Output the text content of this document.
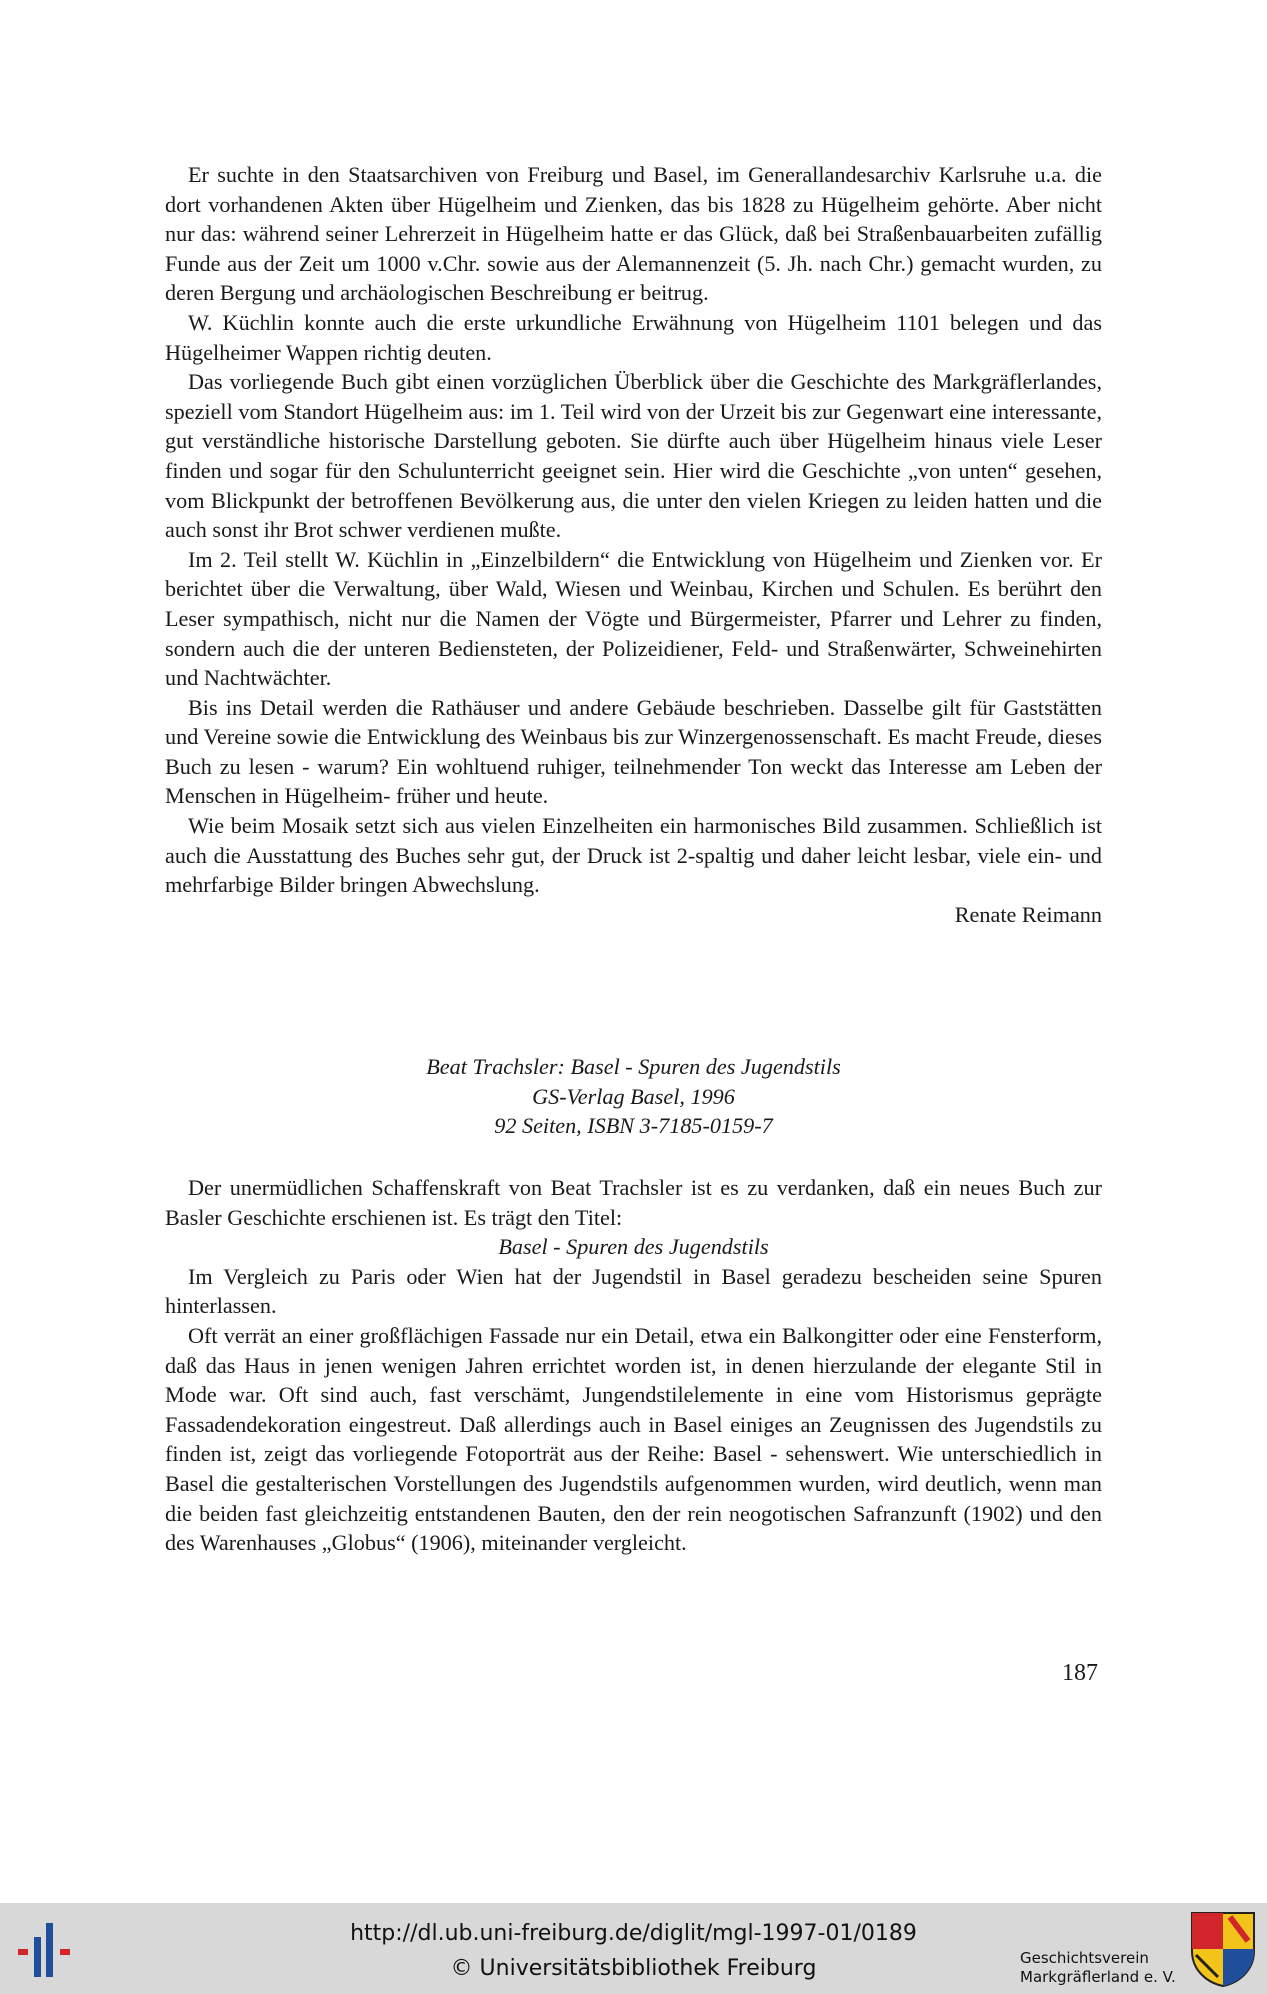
Er suchte in den Staatsarchiven von Freiburg und Basel, im Generallandesarchiv Karlsruhe u.a. die dort vorhandenen Akten über Hügelheim und Zienken, das bis 1828 zu Hügelheim gehörte. Aber nicht nur das: während seiner Lehrerzeit in Hügelheim hatte er das Glück, daß bei Straßenbauarbeiten zufällig Funde aus der Zeit um 1000 v.Chr. sowie aus der Alemannenzeit (5. Jh. nach Chr.) gemacht wurden, zu deren Bergung und archäologischen Beschreibung er beitrug.

W. Küchlin konnte auch die erste urkundliche Erwähnung von Hügelheim 1101 belegen und das Hügelheimer Wappen richtig deuten.

Das vorliegende Buch gibt einen vorzüglichen Überblick über die Geschichte des Markgräflerlandes, speziell vom Standort Hügelheim aus: im 1. Teil wird von der Urzeit bis zur Gegenwart eine interessante, gut verständliche historische Darstellung geboten. Sie dürfte auch über Hügelheim hinaus viele Leser finden und sogar für den Schulunterricht geeignet sein. Hier wird die Geschichte „von unten“ gesehen, vom Blickpunkt der betroffenen Bevölkerung aus, die unter den vielen Kriegen zu leiden hatten und die auch sonst ihr Brot schwer verdienen mußte.

Im 2. Teil stellt W. Küchlin in „Einzelbildern“ die Entwicklung von Hügelheim und Zienken vor. Er berichtet über die Verwaltung, über Wald, Wiesen und Weinbau, Kirchen und Schulen. Es berührt den Leser sympathisch, nicht nur die Namen der Vögte und Bürgermeister, Pfarrer und Lehrer zu finden, sondern auch die der unteren Bediensteten, der Polizeidiener, Feld- und Straßenwärter, Schweinehirten und Nachtwächter.

Bis ins Detail werden die Rathäuser und andere Gebäude beschrieben. Dasselbe gilt für Gaststätten und Vereine sowie die Entwicklung des Weinbaus bis zur Winzergenossenschaft. Es macht Freude, dieses Buch zu lesen - warum? Ein wohltuend ruhiger, teilnehmender Ton weckt das Interesse am Leben der Menschen in Hügelheim- früher und heute.

Wie beim Mosaik setzt sich aus vielen Einzelheiten ein harmonisches Bild zusammen. Schließlich ist auch die Ausstattung des Buches sehr gut, der Druck ist 2-spaltig und daher leicht lesbar, viele ein- und mehrfarbige Bilder bringen Abwechslung.

Renate Reimann

Beat Trachsler: Basel - Spuren des Jugendstils
GS-Verlag Basel, 1996
92 Seiten, ISBN 3-7185-0159-7

Der unermüdlichen Schaffenskraft von Beat Trachsler ist es zu verdanken, daß ein neues Buch zur Basler Geschichte erschienen ist. Es trägt den Titel:

Basel - Spuren des Jugendstils

Im Vergleich zu Paris oder Wien hat der Jugendstil in Basel geradezu bescheiden seine Spuren hinterlassen.

Oft verrät an einer großflächigen Fassade nur ein Detail, etwa ein Balkongitter oder eine Fensterform, daß das Haus in jenen wenigen Jahren errichtet worden ist, in denen hierzulande der elegante Stil in Mode war. Oft sind auch, fast verschämt, Jungendstilelemente in eine vom Historismus geprägte Fassadendekoration eingestreut. Daß allerdings auch in Basel einiges an Zeugnissen des Jugendstils zu finden ist, zeigt das vorliegende Fotoporträt aus der Reihe: Basel - sehenswert. Wie unterschiedlich in Basel die gestalterischen Vorstellungen des Jugendstils aufgenommen wurden, wird deutlich, wenn man die beiden fast gleichzeitig entstandenen Bauten, den der rein neogotischen Safranzunft (1902) und den des Warenhauses „Globus“ (1906), miteinander vergleicht.

187
http://dl.ub.uni-freiburg.de/diglit/mgl-1997-01/0189
© Universitätsbibliothek Freiburg	Geschichtsverein
Markgräflerland e. V.
